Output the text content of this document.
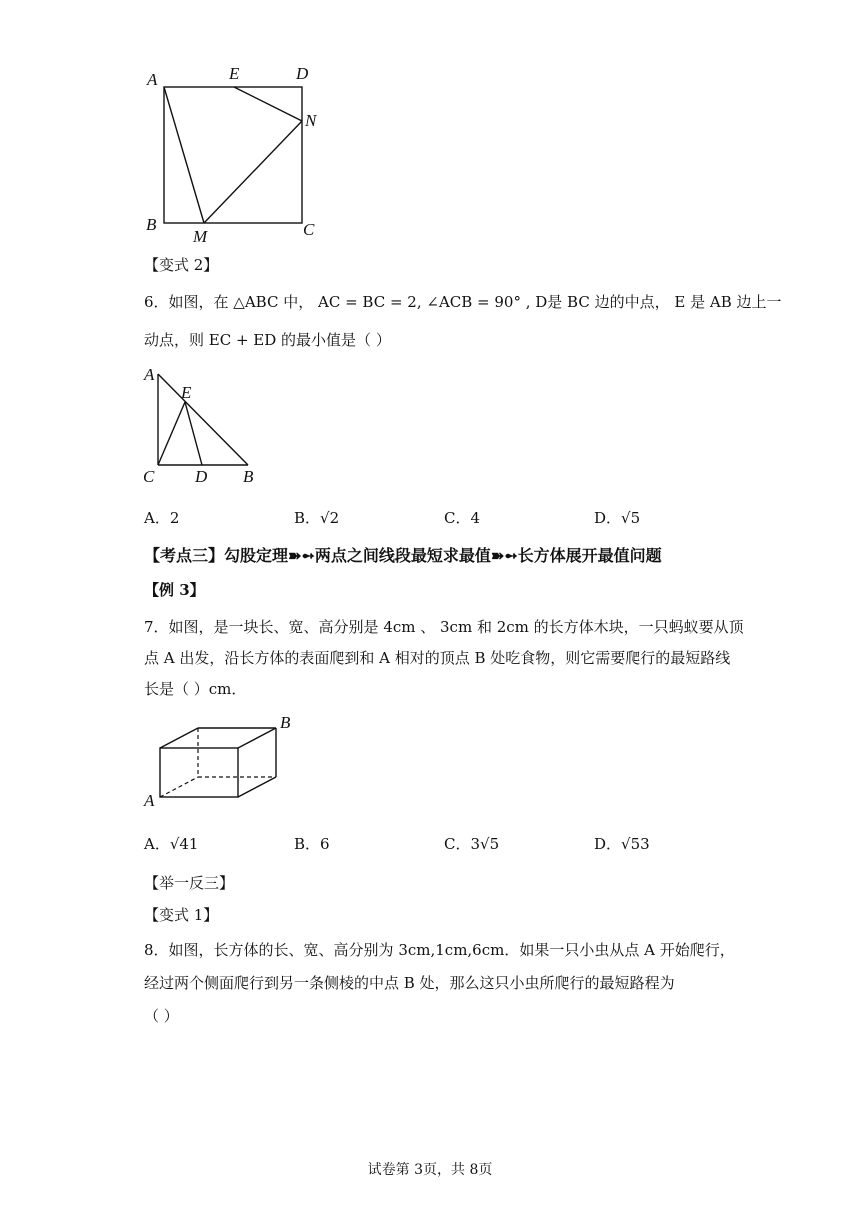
A	E	D
N
B
M	C
【变式 2】
6．如图，在 △ABC 中， AC = BC = 2, ∠ACB = 90° , D是 BC 边的中点， E 是 AB 边上一
动点，则 EC + ED 的最小值是（ ）
A
E
C D B
A．2	B．√2	C．4	D．√5
【考点三】勾股定理➽➻两点之间线段最短求最值➽➻长方体展开最值问题
【例 3】
7．如图，是一块长、宽、高分别是 4cm 、 3cm 和 2cm 的长方体木块，一只蚂蚁要从顶
点 A 出发，沿长方体的表面爬到和 A 相对的顶点 B 处吃食物，则它需要爬行的最短路线
长是（ ）cm．
A
B
A．√41	B．6	C．3√5	D．√53
【举一反三】
【变式 1】
8．如图，长方体的长、宽、高分别为 3cm,1cm,6cm．如果一只小虫从点 A 开始爬行，
经过两个侧面爬行到另一条侧棱的中点 B 处，那么这只小虫所爬行的最短路程为
（ ）
试卷第 3页，共 8页
